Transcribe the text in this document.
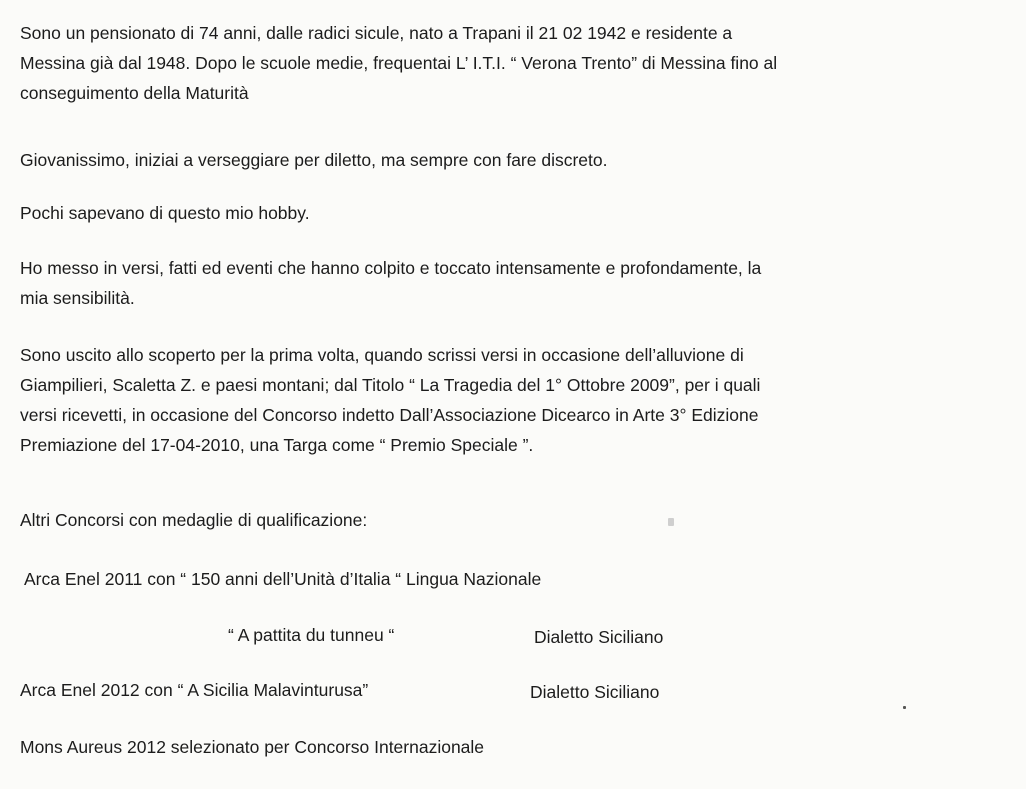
Sono un pensionato di 74 anni, dalle radici sicule, nato a Trapani il 21 02 1942 e residente a
Messina già dal 1948. Dopo le scuole medie, frequentai L’ I.T.I. “ Verona Trento” di Messina fino al
conseguimento della Maturità

Giovanissimo, iniziai a verseggiare per diletto, ma sempre con fare discreto.

Pochi sapevano di questo mio hobby.

Ho messo in versi, fatti ed eventi che hanno colpito e toccato intensamente e profondamente, la
mia sensibilità.

Sono uscito allo scoperto per la prima volta, quando scrissi versi in occasione dell’alluvione di
Giampilieri, Scaletta Z. e paesi montani; dal Titolo “ La Tragedia del 1° Ottobre 2009”, per i quali
versi ricevetti, in occasione del Concorso indetto Dall’Associazione Dicearco in Arte 3° Edizione
Premiazione del 17-04-2010, una Targa come “ Premio Speciale ”.

Altri Concorsi con medaglie di qualificazione:

Arca Enel 2011 con “ 150 anni dell’Unità d’Italia “ Lingua Nazionale

“ A pattita du tunneu “	Dialetto Siciliano

Arca Enel 2012 con “ A Sicilia Malavinturusa”	Dialetto Siciliano

Mons Aureus 2012 selezionato per Concorso Internazionale
